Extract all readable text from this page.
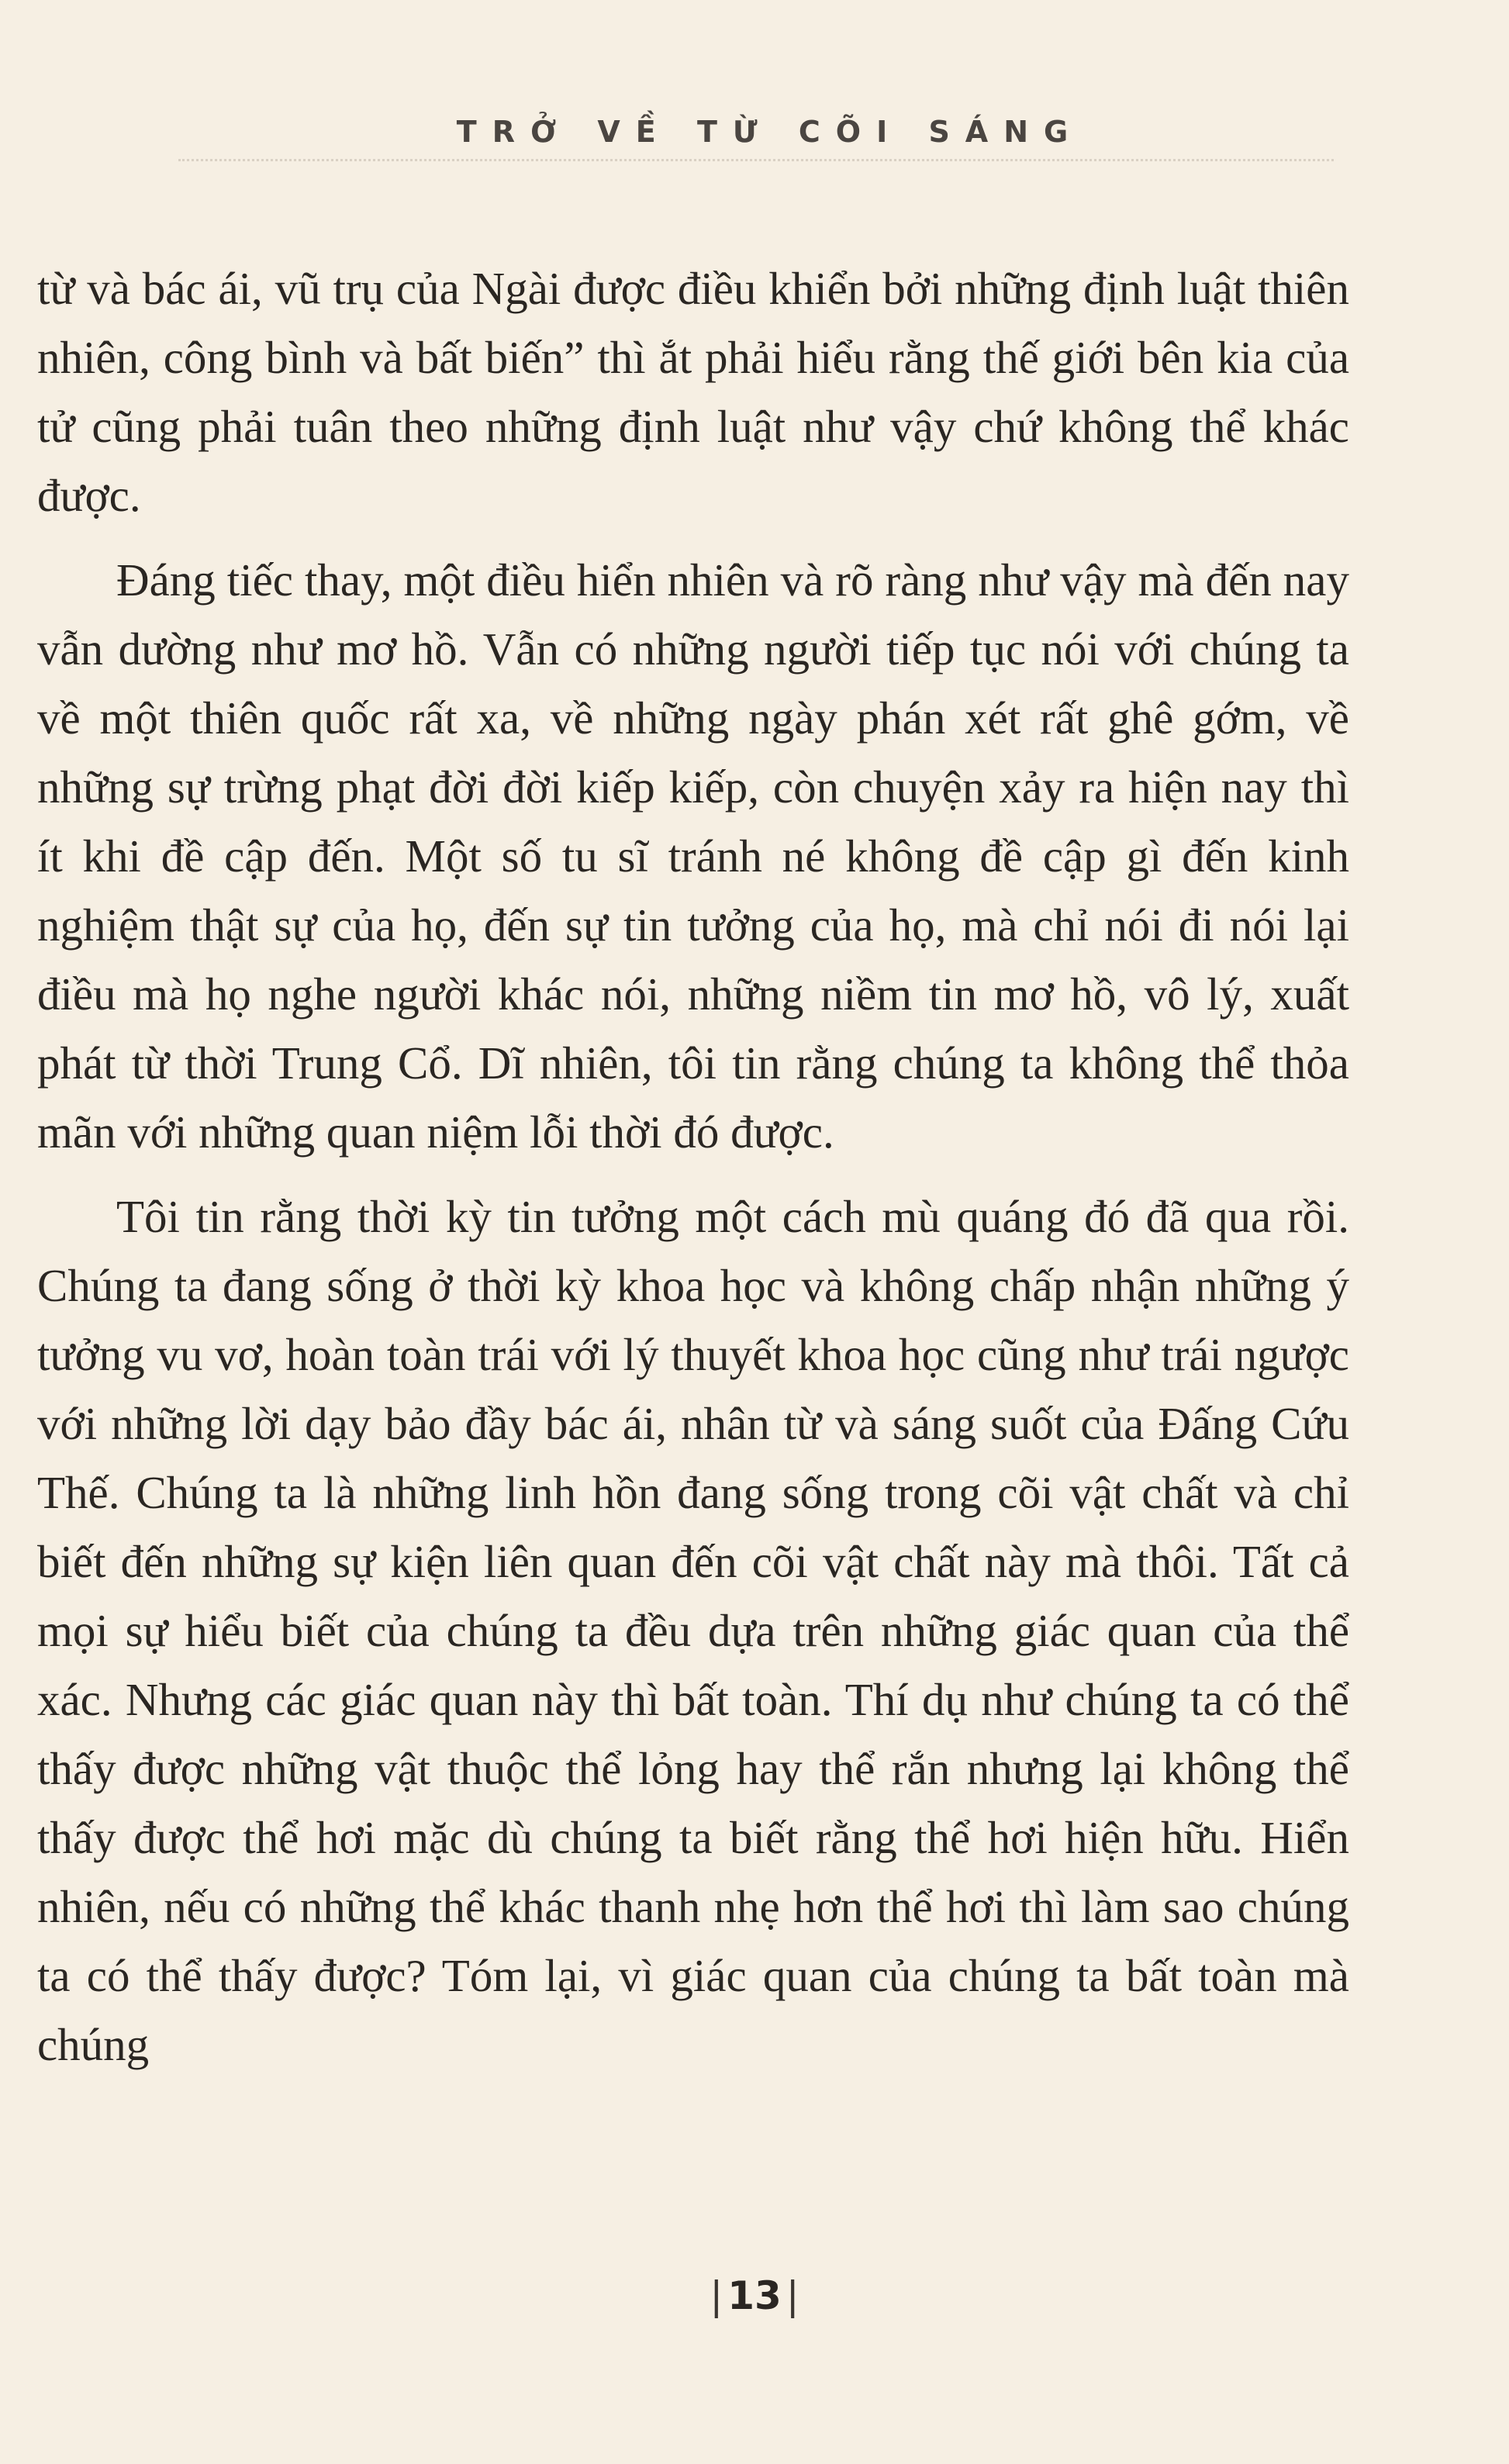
TRỞ VỀ TỪ CÕI SÁNG

từ và bác ái, vũ trụ của Ngài được điều khiển bởi những định luật thiên nhiên, công bình và bất biến” thì ắt phải hiểu rằng thế giới bên kia của tử cũng phải tuân theo những định luật như vậy chứ không thể khác được.

Đáng tiếc thay, một điều hiển nhiên và rõ ràng như vậy mà đến nay vẫn dường như mơ hồ. Vẫn có những người tiếp tục nói với chúng ta về một thiên quốc rất xa, về những ngày phán xét rất ghê gớm, về những sự trừng phạt đời đời kiếp kiếp, còn chuyện xảy ra hiện nay thì ít khi đề cập đến. Một số tu sĩ tránh né không đề cập gì đến kinh nghiệm thật sự của họ, đến sự tin tưởng của họ, mà chỉ nói đi nói lại điều mà họ nghe người khác nói, những niềm tin mơ hồ, vô lý, xuất phát từ thời Trung Cổ. Dĩ nhiên, tôi tin rằng chúng ta không thể thỏa mãn với những quan niệm lỗi thời đó được.

Tôi tin rằng thời kỳ tin tưởng một cách mù quáng đó đã qua rồi. Chúng ta đang sống ở thời kỳ khoa học và không chấp nhận những ý tưởng vu vơ, hoàn toàn trái với lý thuyết khoa học cũng như trái ngược với những lời dạy bảo đầy bác ái, nhân từ và sáng suốt của Đấng Cứu Thế. Chúng ta là những linh hồn đang sống trong cõi vật chất và chỉ biết đến những sự kiện liên quan đến cõi vật chất này mà thôi. Tất cả mọi sự hiểu biết của chúng ta đều dựa trên những giác quan của thể xác. Nhưng các giác quan này thì bất toàn. Thí dụ như chúng ta có thể thấy được những vật thuộc thể lỏng hay thể rắn nhưng lại không thể thấy được thể hơi mặc dù chúng ta biết rằng thể hơi hiện hữu. Hiển nhiên, nếu có những thể khác thanh nhẹ hơn thể hơi thì làm sao chúng ta có thể thấy được? Tóm lại, vì giác quan của chúng ta bất toàn mà chúng

| 13 |
